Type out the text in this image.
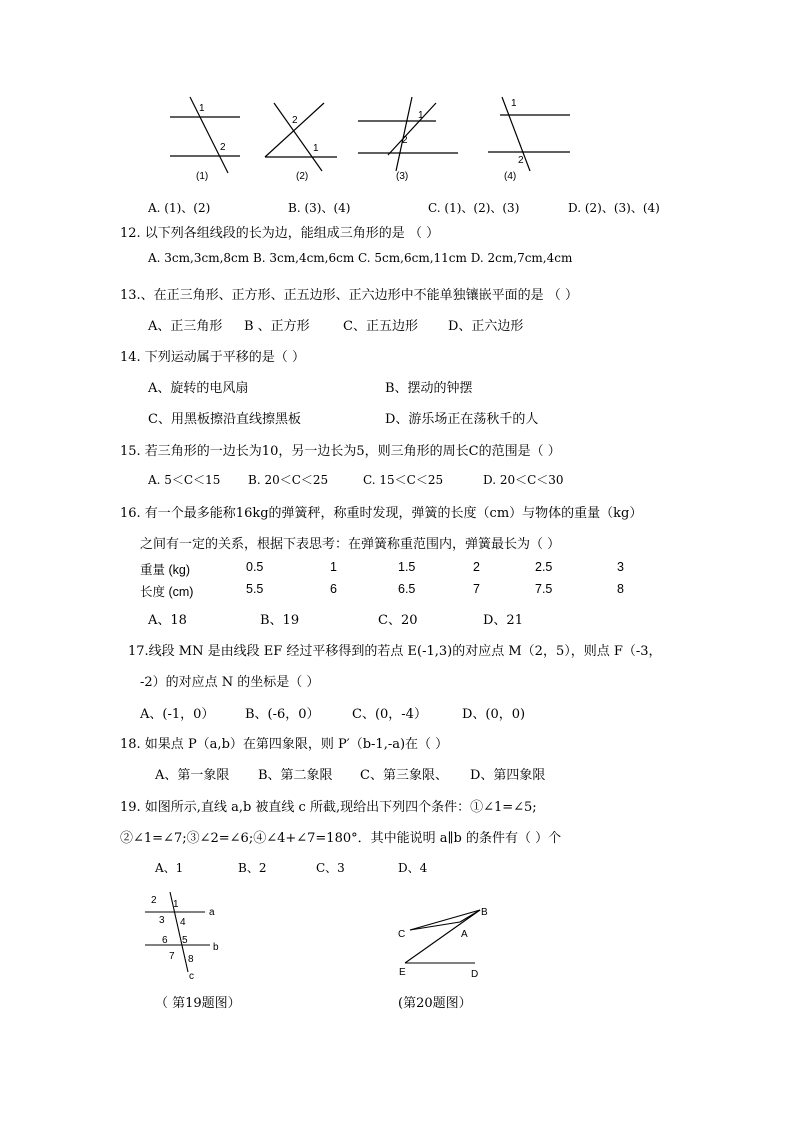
1
2
(1)
2
1
(2)
1
2
(3)
1
2
(4)
A. (1)、(2)	B. (3)、(4)	C. (1)、(2)、(3)	D. (2)、(3)、(4)
12. 以下列各组线段的长为边，能组成三角形的是 （ ）
A. 3cm,3cm,8cm B. 3cm,4cm,6cm C. 5cm,6cm,11cm D. 2cm,7cm,4cm
13.、在正三角形、正方形、正五边形、正六边形中不能单独镶嵌平面的是 （ ）
A、正三角形 B 、正方形	C、正五边形 D、正六边形
14. 下列运动属于平移的是（ ）
A、旋转的电风扇	B、摆动的钟摆
C、用黑板擦沿直线擦黑板	D、游乐场正在荡秋千的人
15. 若三角形的一边长为10，另一边长为5，则三角形的周长C的范围是（ ）
A. 5＜C＜15 B. 20＜C＜25	C. 15＜C＜25	D. 20＜C＜30
16. 有一个最多能称16kg的弹簧秤，称重时发现，弹簧的长度（cm）与物体的重量（kg）
之间有一定的关系，根据下表思考：在弹簧称重范围内，弹簧最长为（ ）
重量 (kg)	0.5	1	1.5	2	2.5	3
长度 (cm)	5.5	6	6.5	7	7.5	8
A、18	B、19	C、20	D、21
17.线段 MN 是由线段 EF 经过平移得到的若点 E(-1,3)的对应点 M（2，5），则点 F（-3，
-2）的对应点 N 的坐标是（ ）
A、(-1，0） B、(-6，0） C、(0，-4）	D、(0，0)
18. 如果点 P（a,b）在第四象限，则 P′（b-1,-a)在（ ）
A、第一象限 B、第二象限 C、第三象限、 D、第四象限
19. 如图所示,直线 a,b 被直线 c 所截,现给出下列四个条件：①∠1=∠5;
②∠1=∠7;③∠2=∠6;④∠4+∠7=180°．其中能说明 a∥b 的条件有（ ）个
A、1	B、2	C、3	D、4
1
2
3 4
5
6
7 8
a
b
c
（ 第19题图）
B
C	A
E	D
(第20题图）
